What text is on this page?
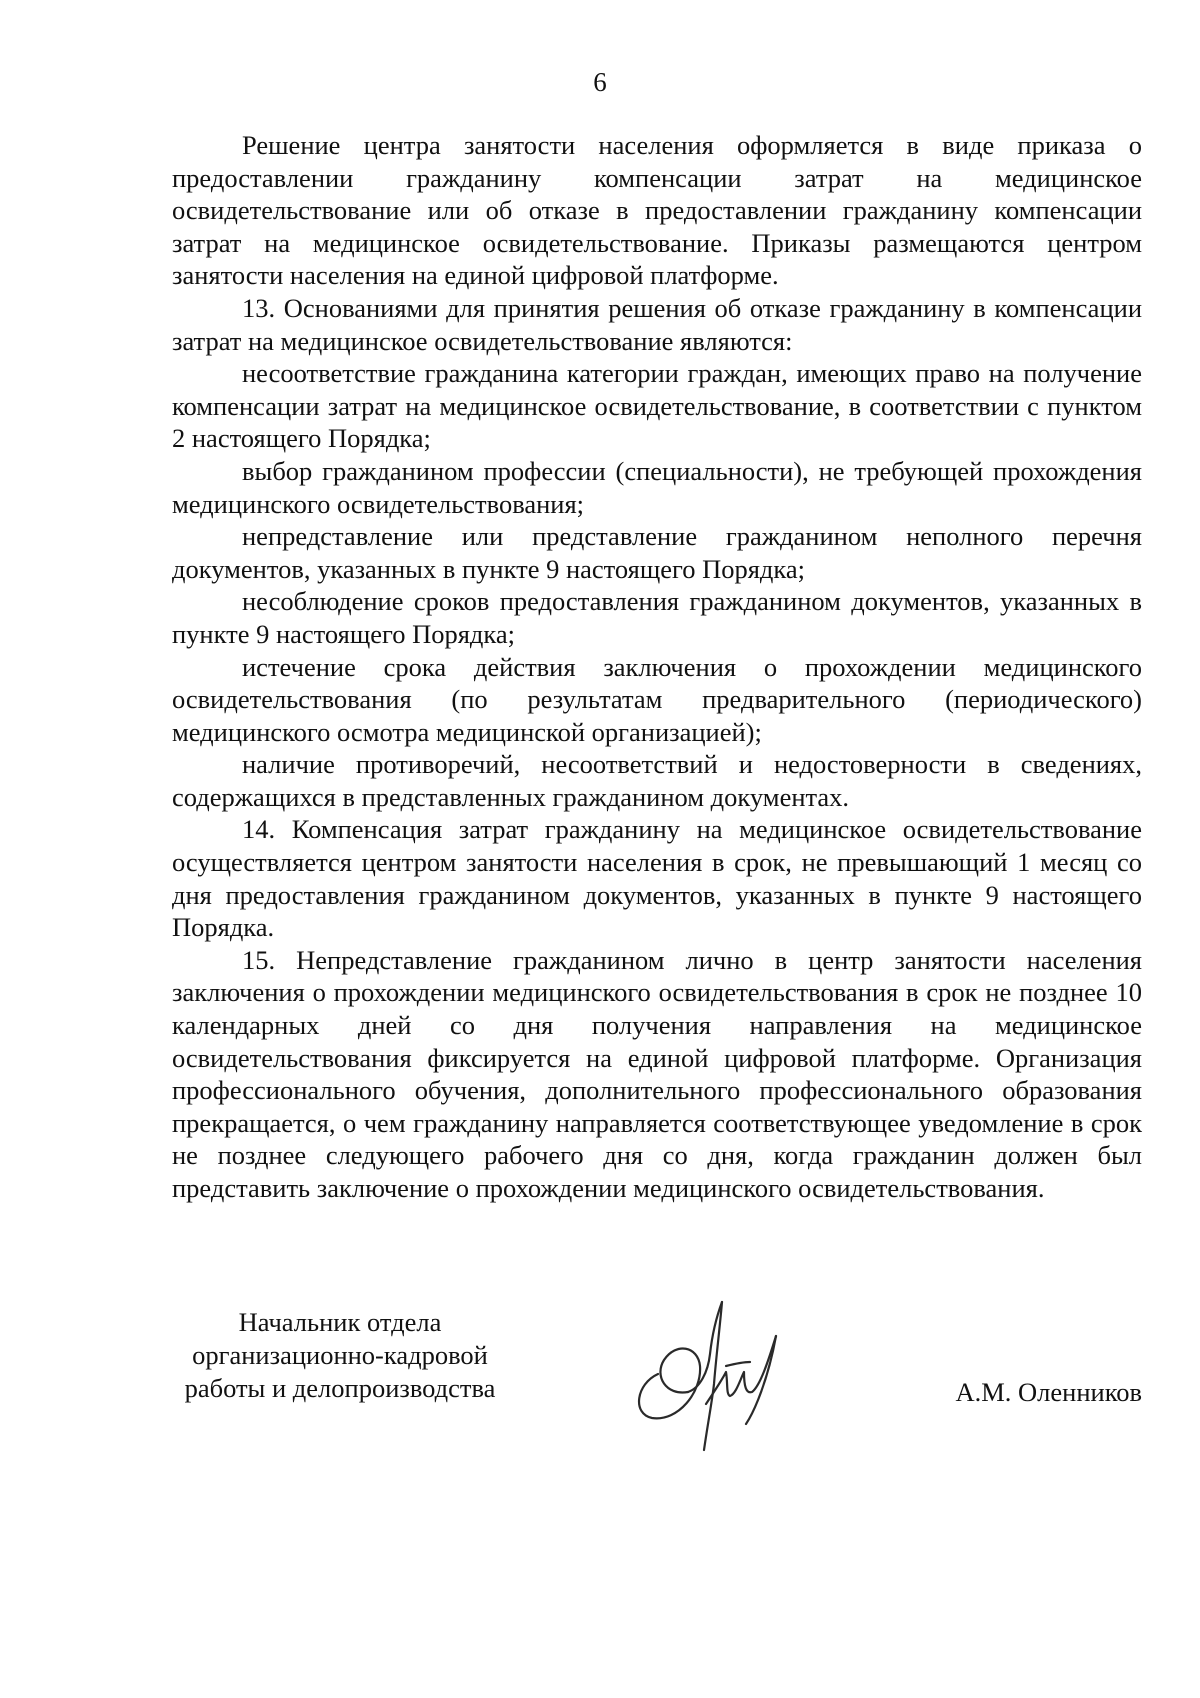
6

Решение центра занятости населения оформляется в виде приказа о предоставлении гражданину компенсации затрат на медицинское освидетельствование или об отказе в предоставлении гражданину компенсации затрат на медицинское освидетельствование. Приказы размещаются центром занятости населения на единой цифровой платформе.

13. Основаниями для принятия решения об отказе гражданину в компенсации затрат на медицинское освидетельствование являются:

несоответствие гражданина категории граждан, имеющих право на получение компенсации затрат на медицинское освидетельствование, в соответствии с пунктом 2 настоящего Порядка;

выбор гражданином профессии (специальности), не требующей прохождения медицинского освидетельствования;

непредставление или представление гражданином неполного перечня документов, указанных в пункте 9 настоящего Порядка;

несоблюдение сроков предоставления гражданином документов, указанных в пункте 9 настоящего Порядка;

истечение срока действия заключения о прохождении медицинского освидетельствования (по результатам предварительного (периодического) медицинского осмотра медицинской организацией);

наличие противоречий, несоответствий и недостоверности в сведениях, содержащихся в представленных гражданином документах.

14. Компенсация затрат гражданину на медицинское освидетельствование осуществляется центром занятости населения в срок, не превышающий 1 месяц со дня предоставления гражданином документов, указанных в пункте 9 настоящего Порядка.

15. Непредставление гражданином лично в центр занятости населения заключения о прохождении медицинского освидетельствования в срок не позднее 10 календарных дней со дня получения направления на медицинское освидетельствования фиксируется на единой цифровой платформе. Организация профессионального обучения, дополнительного профессионального образования прекращается, о чем гражданину направляется соответствующее уведомление в срок не позднее следующего рабочего дня со дня, когда гражданин должен был представить заключение о прохождении медицинского освидетельствования.

Начальник отдела
организационно-кадровой
работы и делопроизводства	А.М. Оленников
